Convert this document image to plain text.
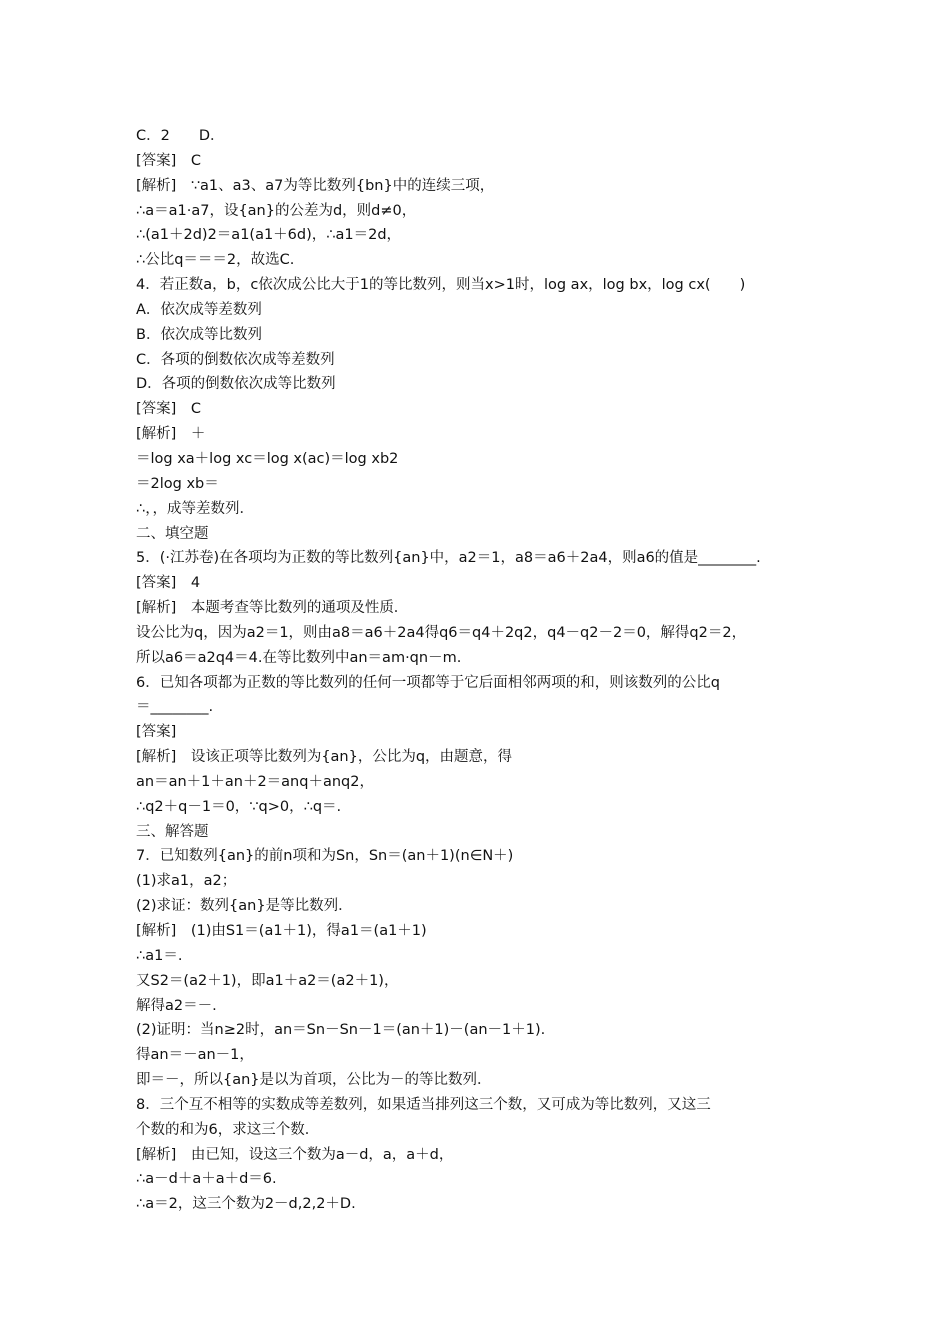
C．2　　D．
[答案]　C
[解析]　∵a1、a3、a7为等比数列{bn}中的连续三项，
∴a＝a1·a7，设{an}的公差为d，则d≠0，
∴(a1＋2d)2＝a1(a1＋6d)，∴a1＝2d，
∴公比q＝＝＝2，故选C.
4．若正数a，b，c依次成公比大于1的等比数列，则当x>1时，log ax，log bx，log cx(　　)
A．依次成等差数列
B．依次成等比数列
C．各项的倒数依次成等差数列
D．各项的倒数依次成等比数列
[答案]　C
[解析]　＋
＝log xa＋log xc＝log x(ac)＝log xb2
＝2log xb＝
∴，，成等差数列．
二、填空题
5．(·江苏卷)在各项均为正数的等比数列{an}中，a2＝1，a8＝a6＋2a4，则a6的值是________.
[答案]　4
[解析]　本题考查等比数列的通项及性质．
设公比为q，因为a2＝1，则由a8＝a6＋2a4得q6＝q4＋2q2，q4－q2－2＝0，解得q2＝2，
所以a6＝a2q4＝4.在等比数列中an＝am·qn－m.
6．已知各项都为正数的等比数列的任何一项都等于它后面相邻两项的和，则该数列的公比q
＝________.
[答案]
[解析]　设该正项等比数列为{an}，公比为q，由题意，得
an＝an＋1＋an＋2＝anq＋anq2，
∴q2＋q－1＝0，∵q>0，∴q＝.
三、解答题
7．已知数列{an}的前n项和为Sn，Sn＝(an＋1)(n∈N＋)
(1)求a1，a2；
(2)求证：数列{an}是等比数列．
[解析]　(1)由S1＝(a1＋1)，得a1＝(a1＋1)
∴a1＝.
又S2＝(a2＋1)，即a1＋a2＝(a2＋1)，
解得a2＝－.
(2)证明：当n≥2时，an＝Sn－Sn－1＝(an＋1)－(an－1＋1).
得an＝－an－1，
即＝－，所以{an}是以为首项，公比为－的等比数列．
8．三个互不相等的实数成等差数列，如果适当排列这三个数，又可成为等比数列，又这三
个数的和为6，求这三个数．
[解析]　由已知，设这三个数为a－d，a，a＋d，
∴a－d＋a＋a＋d＝6.
∴a＝2，这三个数为2－d,2,2＋D.
